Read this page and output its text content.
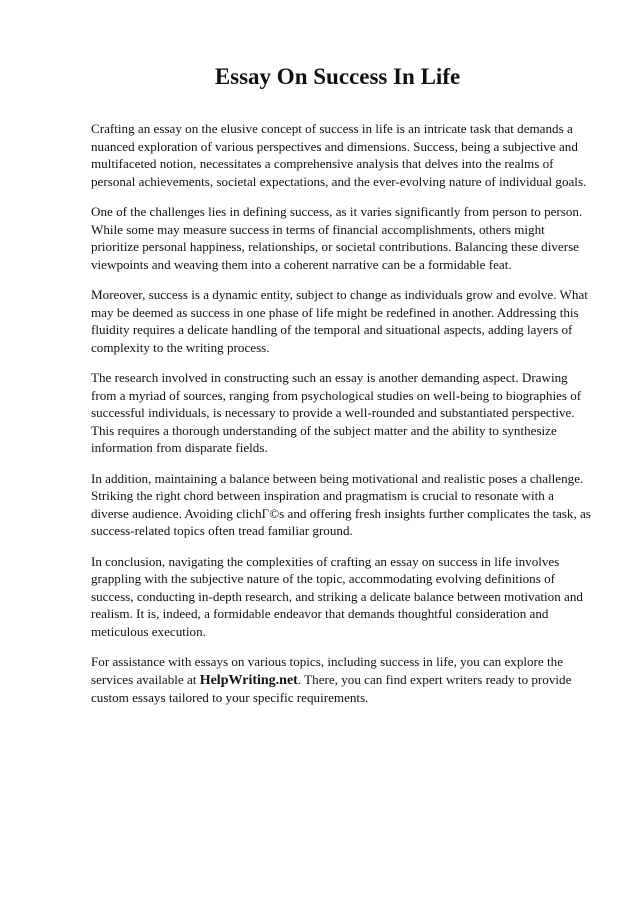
Essay On Success In Life

Crafting an essay on the elusive concept of success in life is an intricate task that demands a nuanced exploration of various perspectives and dimensions. Success, being a subjective and multifaceted notion, necessitates a comprehensive analysis that delves into the realms of personal achievements, societal expectations, and the ever-evolving nature of individual goals.

One of the challenges lies in defining success, as it varies significantly from person to person. While some may measure success in terms of financial accomplishments, others might prioritize personal happiness, relationships, or societal contributions. Balancing these diverse viewpoints and weaving them into a coherent narrative can be a formidable feat.

Moreover, success is a dynamic entity, subject to change as individuals grow and evolve. What may be deemed as success in one phase of life might be redefined in another. Addressing this fluidity requires a delicate handling of the temporal and situational aspects, adding layers of complexity to the writing process.

The research involved in constructing such an essay is another demanding aspect. Drawing from a myriad of sources, ranging from psychological studies on well-being to biographies of successful individuals, is necessary to provide a well-rounded and substantiated perspective. This requires a thorough understanding of the subject matter and the ability to synthesize information from disparate fields.

In addition, maintaining a balance between being motivational and realistic poses a challenge. Striking the right chord between inspiration and pragmatism is crucial to resonate with a diverse audience. Avoiding clichГ©s and offering fresh insights further complicates the task, as success-related topics often tread familiar ground.

In conclusion, navigating the complexities of crafting an essay on success in life involves grappling with the subjective nature of the topic, accommodating evolving definitions of success, conducting in-depth research, and striking a delicate balance between motivation and realism. It is, indeed, a formidable endeavor that demands thoughtful consideration and meticulous execution.

For assistance with essays on various topics, including success in life, you can explore the services available at HelpWriting.net. There, you can find expert writers ready to provide custom essays tailored to your specific requirements.
